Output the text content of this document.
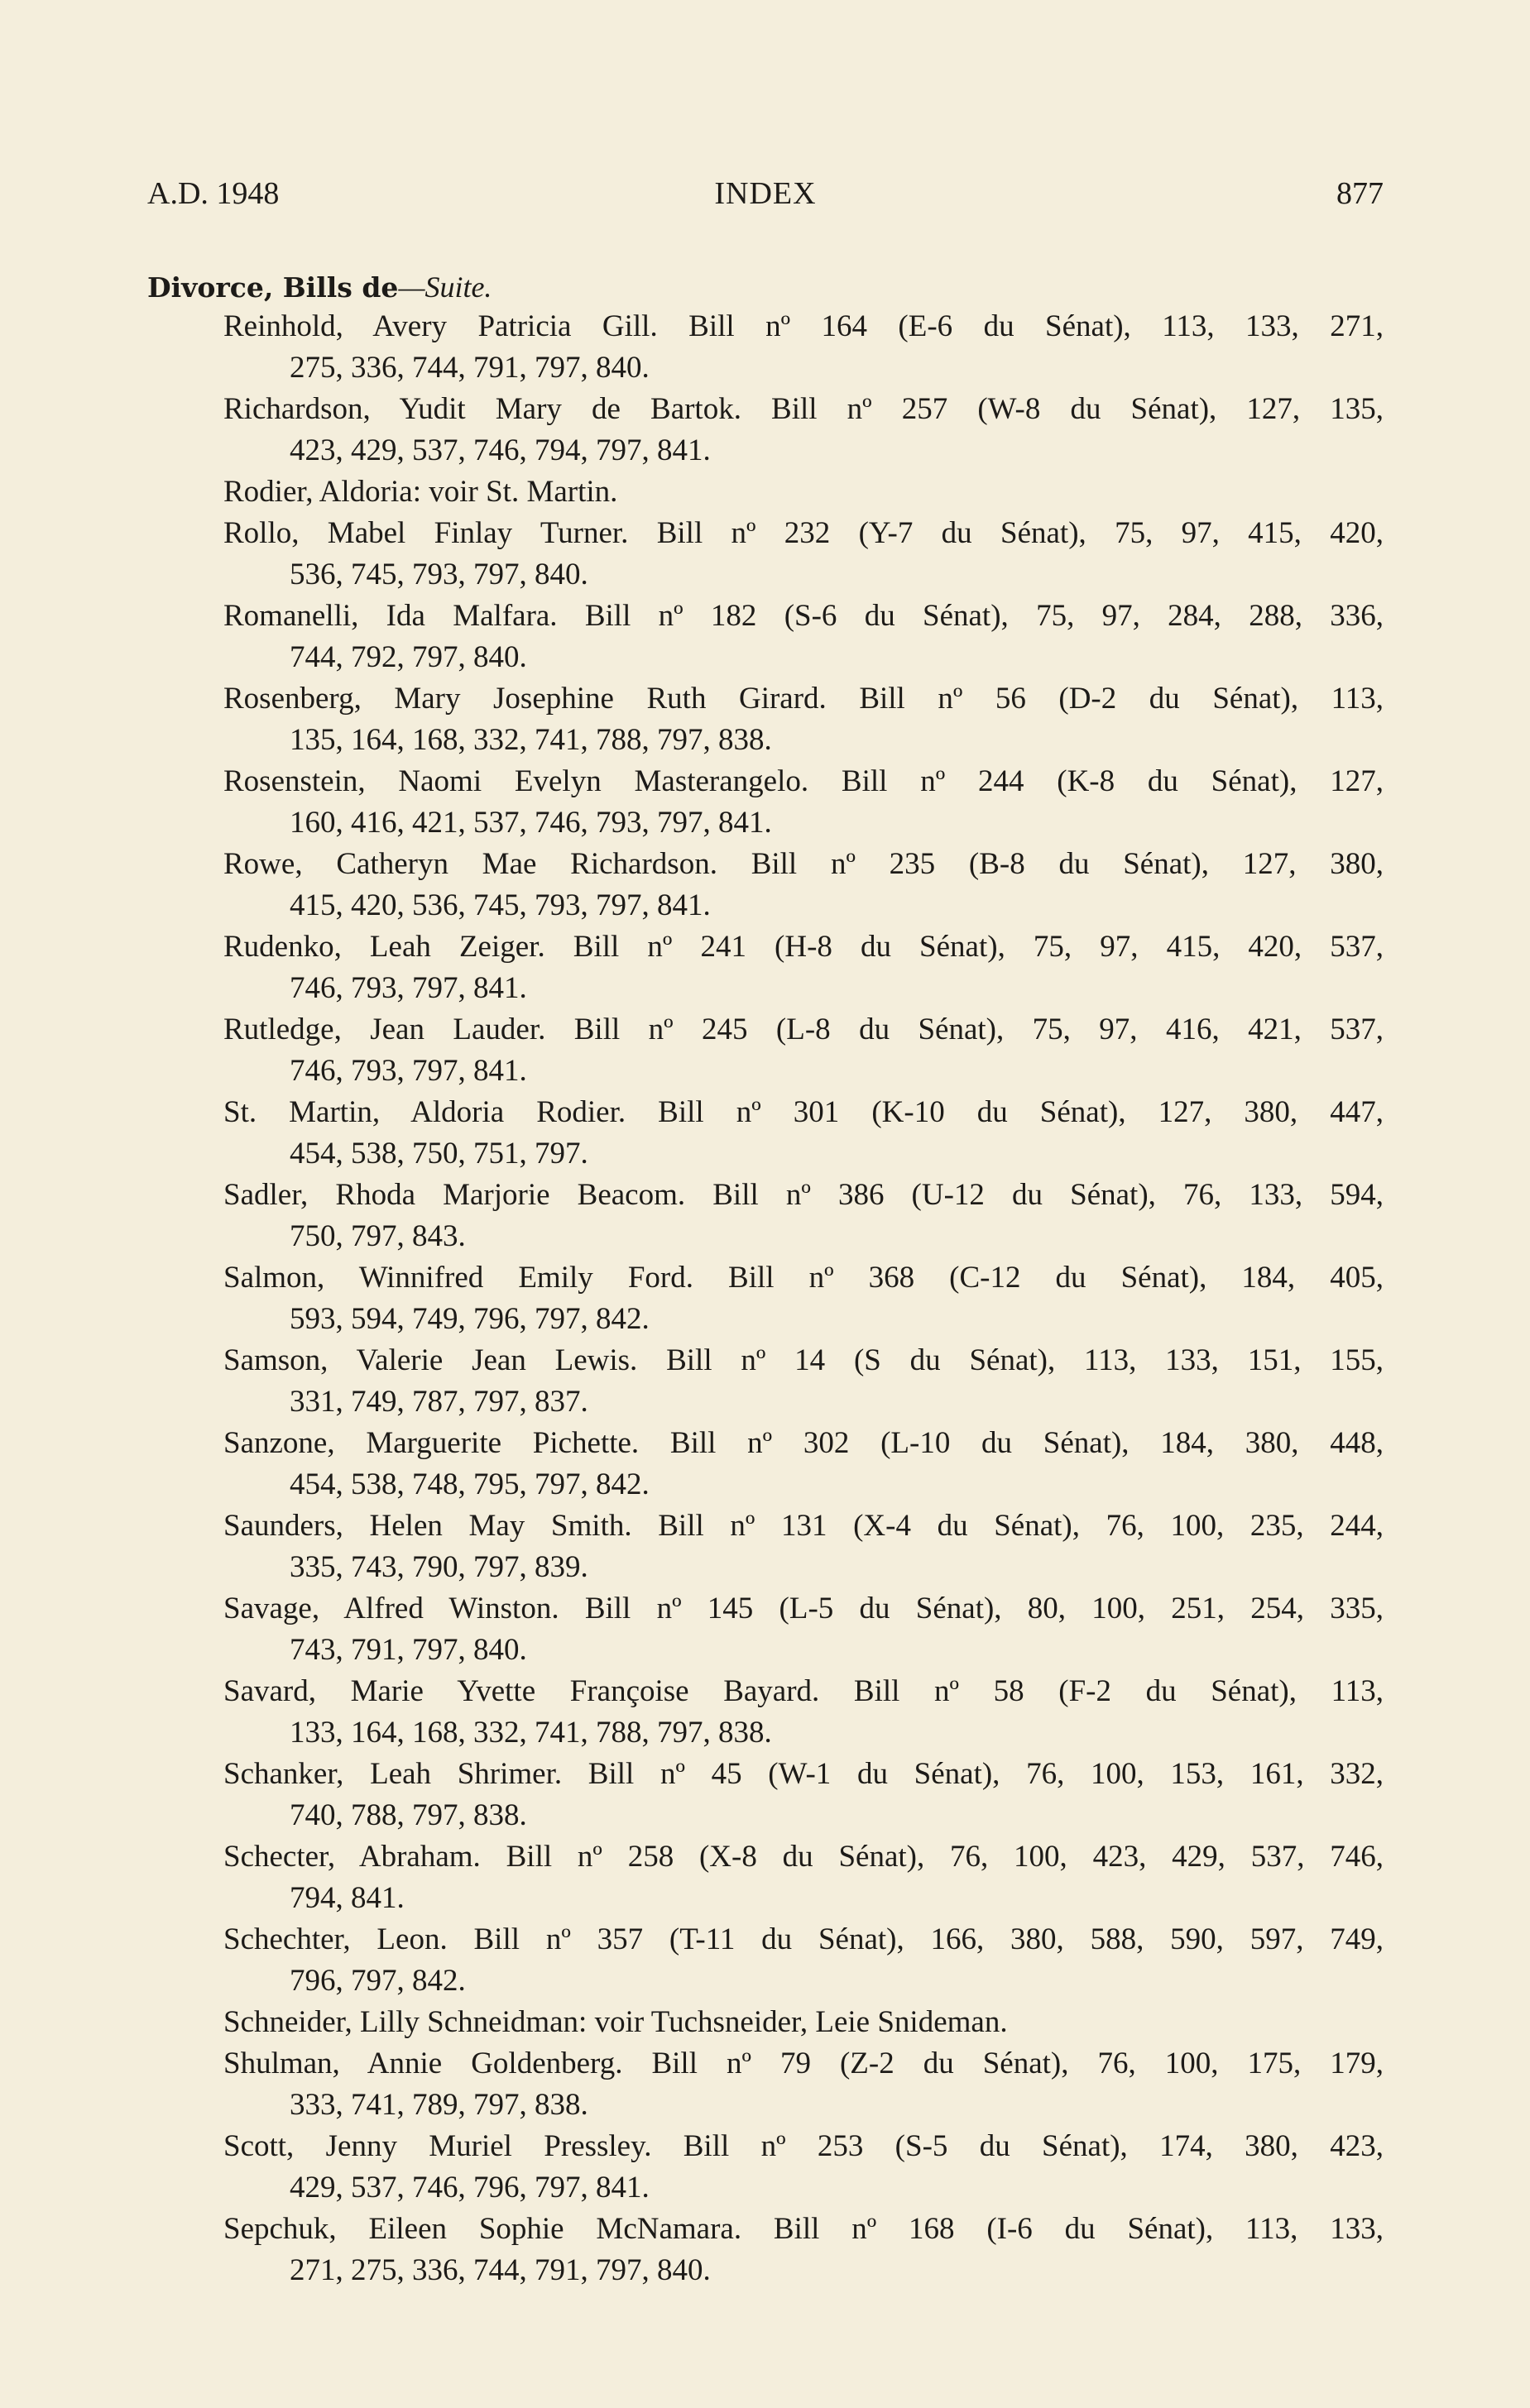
A.D. 1948	INDEX	877
Divorce, Bills de—Suite.
Reinhold, Avery Patricia Gill. Bill nº 164 (E-6 du Sénat), 113, 133, 271,
275, 336, 744, 791, 797, 840.
Richardson, Yudit Mary de Bartok. Bill nº 257 (W-8 du Sénat), 127, 135,
423, 429, 537, 746, 794, 797, 841.
Rodier, Aldoria: voir St. Martin.
Rollo, Mabel Finlay Turner. Bill nº 232 (Y-7 du Sénat), 75, 97, 415, 420,
536, 745, 793, 797, 840.
Romanelli, Ida Malfara. Bill nº 182 (S-6 du Sénat), 75, 97, 284, 288, 336,
744, 792, 797, 840.
Rosenberg, Mary Josephine Ruth Girard. Bill nº 56 (D-2 du Sénat), 113,
135, 164, 168, 332, 741, 788, 797, 838.
Rosenstein, Naomi Evelyn Masterangelo. Bill nº 244 (K-8 du Sénat), 127,
160, 416, 421, 537, 746, 793, 797, 841.
Rowe, Catheryn Mae Richardson. Bill nº 235 (B-8 du Sénat), 127, 380,
415, 420, 536, 745, 793, 797, 841.
Rudenko, Leah Zeiger. Bill nº 241 (H-8 du Sénat), 75, 97, 415, 420, 537,
746, 793, 797, 841.
Rutledge, Jean Lauder. Bill nº 245 (L-8 du Sénat), 75, 97, 416, 421, 537,
746, 793, 797, 841.
St. Martin, Aldoria Rodier. Bill nº 301 (K-10 du Sénat), 127, 380, 447,
454, 538, 750, 751, 797.
Sadler, Rhoda Marjorie Beacom. Bill nº 386 (U-12 du Sénat), 76, 133, 594,
750, 797, 843.
Salmon, Winnifred Emily Ford. Bill nº 368 (C-12 du Sénat), 184, 405,
593, 594, 749, 796, 797, 842.
Samson, Valerie Jean Lewis. Bill nº 14 (S du Sénat), 113, 133, 151, 155,
331, 749, 787, 797, 837.
Sanzone, Marguerite Pichette. Bill nº 302 (L-10 du Sénat), 184, 380, 448,
454, 538, 748, 795, 797, 842.
Saunders, Helen May Smith. Bill nº 131 (X-4 du Sénat), 76, 100, 235, 244,
335, 743, 790, 797, 839.
Savage, Alfred Winston. Bill nº 145 (L-5 du Sénat), 80, 100, 251, 254, 335,
743, 791, 797, 840.
Savard, Marie Yvette Françoise Bayard. Bill nº 58 (F-2 du Sénat), 113,
133, 164, 168, 332, 741, 788, 797, 838.
Schanker, Leah Shrimer. Bill nº 45 (W-1 du Sénat), 76, 100, 153, 161, 332,
740, 788, 797, 838.
Schecter, Abraham. Bill nº 258 (X-8 du Sénat), 76, 100, 423, 429, 537, 746,
794, 841.
Schechter, Leon. Bill nº 357 (T-11 du Sénat), 166, 380, 588, 590, 597, 749,
796, 797, 842.
Schneider, Lilly Schneidman: voir Tuchsneider, Leie Snideman.
Shulman, Annie Goldenberg. Bill nº 79 (Z-2 du Sénat), 76, 100, 175, 179,
333, 741, 789, 797, 838.
Scott, Jenny Muriel Pressley. Bill nº 253 (S-5 du Sénat), 174, 380, 423,
429, 537, 746, 796, 797, 841.
Sepchuk, Eileen Sophie McNamara. Bill nº 168 (I-6 du Sénat), 113, 133,
271, 275, 336, 744, 791, 797, 840.
